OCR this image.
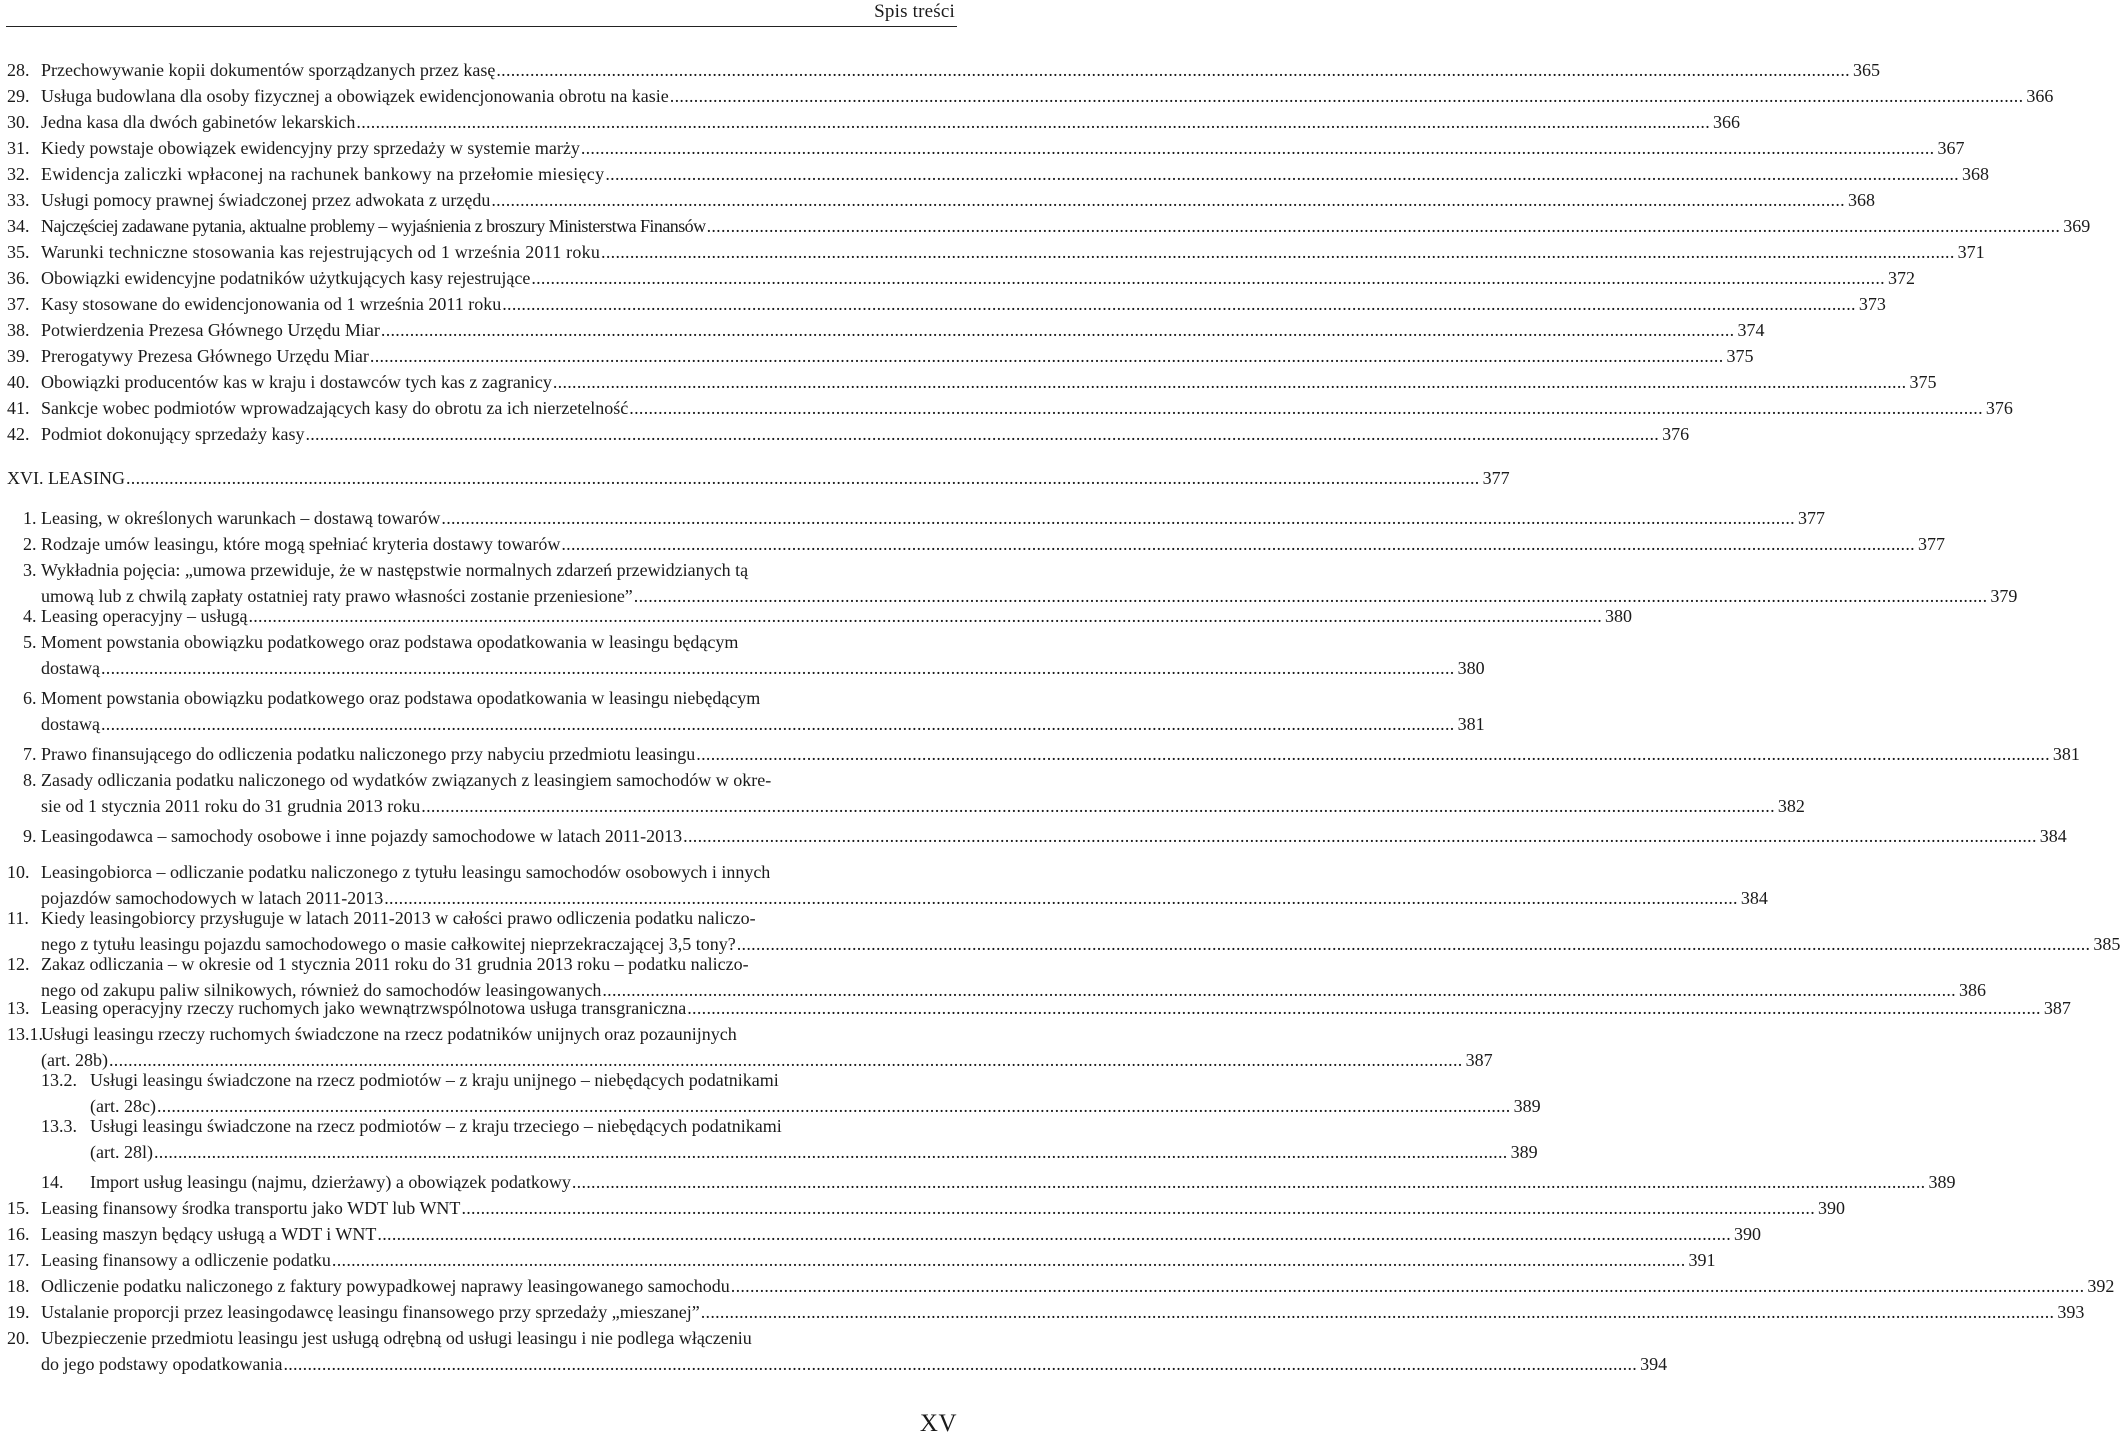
Spis treści
28. Przechowywanie kopii dokumentów sporządzanych przez kasę .....	365
29. Usługa budowlana dla osoby fizycznej a obowiązek ewidencjonowania obrotu na kasie .....	366
30. Jedna kasa dla dwóch gabinetów lekarskich .....	366
31. Kiedy powstaje obowiązek ewidencyjny przy sprzedaży w systemie marży .....	367
32. Ewidencja zaliczki wpłaconej na rachunek bankowy na przełomie miesięcy .....	368
33. Usługi pomocy prawnej świadczonej przez adwokata z urzędu .....	368
34. Najczęściej zadawane pytania, aktualne problemy – wyjaśnienia z broszury Ministerstwa Finansów .....	369
35. Warunki techniczne stosowania kas rejestrujących od 1 września 2011 roku .....	371
36. Obowiązki ewidencyjne podatników użytkujących kasy rejestrujące .....	372
37. Kasy stosowane do ewidencjonowania od 1 września 2011 roku .....	373
38. Potwierdzenia Prezesa Głównego Urzędu Miar .....	374
39. Prerogatywy Prezesa Głównego Urzędu Miar .....	375
40. Obowiązki producentów kas w kraju i dostawców tych kas z zagranicy .....	375
41. Sankcje wobec podmiotów wprowadzających kasy do obrotu za ich nierzetelność .....	376
42. Podmiot dokonujący sprzedaży kasy .....	376
XVI. LEASING .....	377
1. Leasing, w określonych warunkach – dostawą towarów .....	377
2. Rodzaje umów leasingu, które mogą spełniać kryteria dostawy towarów .....	377
3. Wykładnia pojęcia: „umowa przewiduje, że w następstwie normalnych zdarzeń przewidzianych tą
umową lub z chwilą zapłaty ostatniej raty prawo własności zostanie przeniesione” .....	379
4. Leasing operacyjny – usługą .....	380
5. Moment powstania obowiązku podatkowego oraz podstawa opodatkowania w leasingu będącym
dostawą .....	380
6. Moment powstania obowiązku podatkowego oraz podstawa opodatkowania w leasingu niebędącym
dostawą .....	381
7. Prawo finansującego do odliczenia podatku naliczonego przy nabyciu przedmiotu leasingu .....	381
8. Zasady odliczania podatku naliczonego od wydatków związanych z leasingiem samochodów w okre-
sie od 1 stycznia 2011 roku do 31 grudnia 2013 roku .....	382
9. Leasingodawca – samochody osobowe i inne pojazdy samochodowe w latach 2011-2013 .....	384
10. Leasingobiorca – odliczanie podatku naliczonego z tytułu leasingu samochodów osobowych i innych
pojazdów samochodowych w latach 2011-2013 .....	384
11. Kiedy leasingobiorcy przysługuje w latach 2011-2013 w całości prawo odliczenia podatku naliczo-
nego z tytułu leasingu pojazdu samochodowego o masie całkowitej nieprzekraczającej 3,5 tony? .....	385
12. Zakaz odliczania – w okresie od 1 stycznia 2011 roku do 31 grudnia 2013 roku – podatku naliczo-
nego od zakupu paliw silnikowych, również do samochodów leasingowanych .....	386
13. Leasing operacyjny rzeczy ruchomych jako wewnątrzwspólnotowa usługa transgraniczna .....	387
13.1.
Usługi leasingu rzeczy ruchomych świadczone na rzecz podatników unijnych oraz pozaunijnych
(art. 28b) .....	387
13.2. Usługi leasingu świadczone na rzecz podmiotów – z kraju unijnego – niebędących podatnikami
(art. 28c) .....	389
13.3. Usługi leasingu świadczone na rzecz podmiotów – z kraju trzeciego – niebędących podatnikami
(art. 28l) .....	389
14. Import usług leasingu (najmu, dzierżawy) a obowiązek podatkowy .....	389
15. Leasing finansowy środka transportu jako WDT lub WNT .....	390
16. Leasing maszyn będący usługą a WDT i WNT .....	390
17. Leasing finansowy a odliczenie podatku .....	391
18. Odliczenie podatku naliczonego z faktury powypadkowej naprawy leasingowanego samochodu .....	392
19. Ustalanie proporcji przez leasingodawcę leasingu finansowego przy sprzedaży „mieszanej” .....	393
20. Ubezpieczenie przedmiotu leasingu jest usługą odrębną od usługi leasingu i nie podlega włączeniu
do jego podstawy opodatkowania .....	394
XV
